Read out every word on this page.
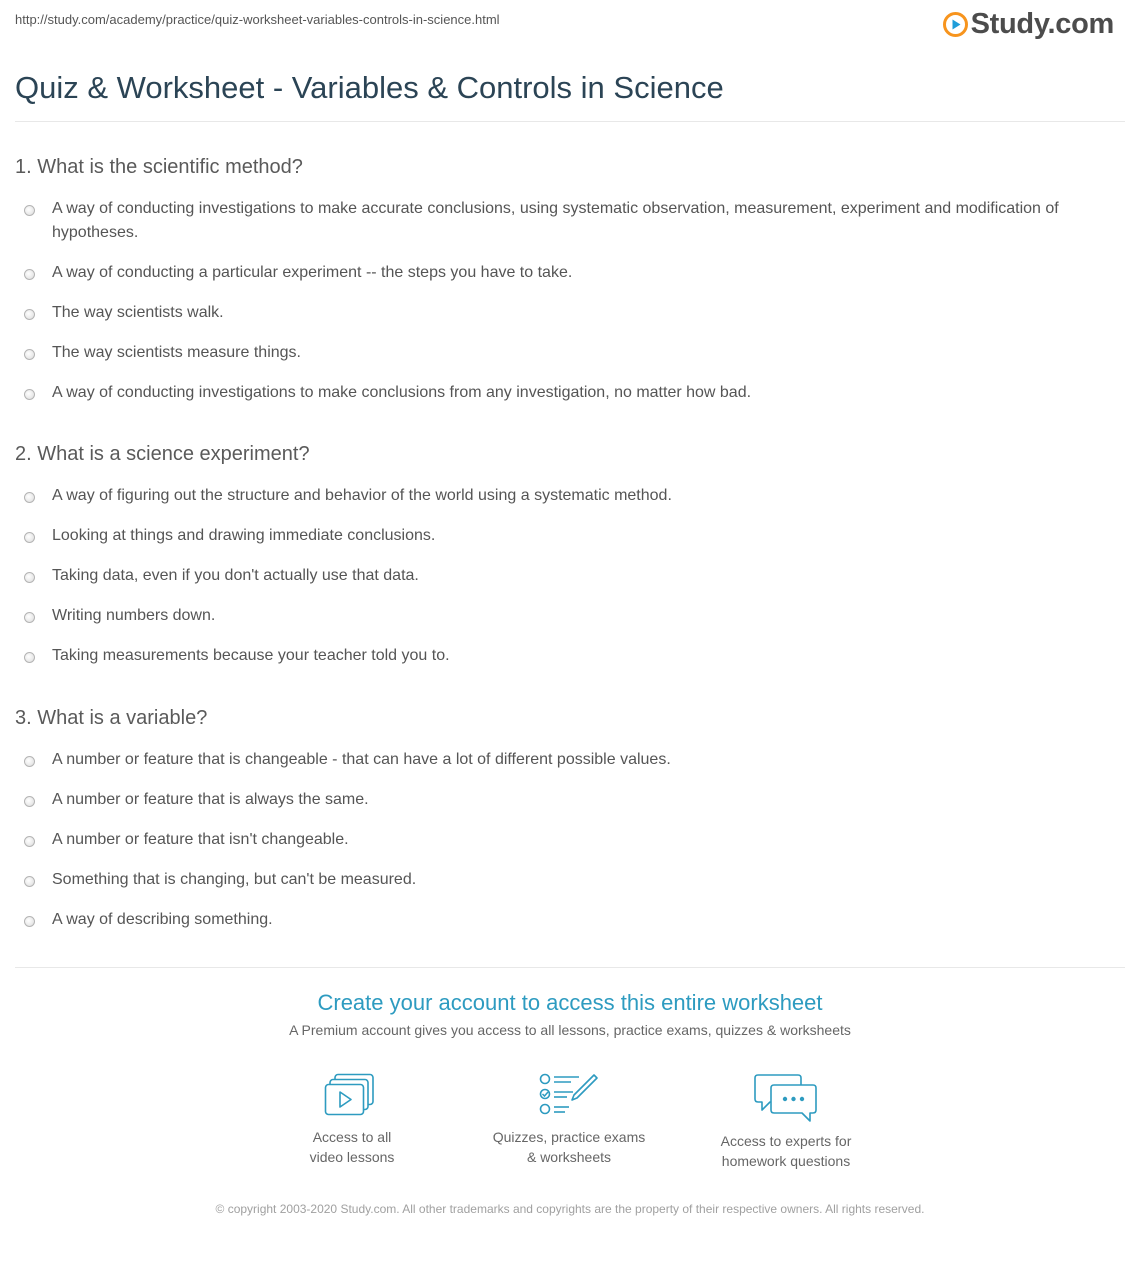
http://study.com/academy/practice/quiz-worksheet-variables-controls-in-science.html	Study.com
Quiz & Worksheet - Variables & Controls in Science
1. What is the scientific method?
A way of conducting investigations to make accurate conclusions, using systematic observation, measurement, experiment and modification of hypotheses.
A way of conducting a particular experiment -- the steps you have to take.
The way scientists walk.
The way scientists measure things.
A way of conducting investigations to make conclusions from any investigation, no matter how bad.
2. What is a science experiment?
A way of figuring out the structure and behavior of the world using a systematic method.
Looking at things and drawing immediate conclusions.
Taking data, even if you don't actually use that data.
Writing numbers down.
Taking measurements because your teacher told you to.
3. What is a variable?
A number or feature that is changeable - that can have a lot of different possible values.
A number or feature that is always the same.
A number or feature that isn't changeable.
Something that is changing, but can't be measured.
A way of describing something.
Create your account to access this entire worksheet
A Premium account gives you access to all lessons, practice exams, quizzes & worksheets
Access to all
video lessons
Quizzes, practice exams
& worksheets
Access to experts for
homework questions
© copyright 2003-2020 Study.com. All other trademarks and copyrights are the property of their respective owners. All rights reserved.
